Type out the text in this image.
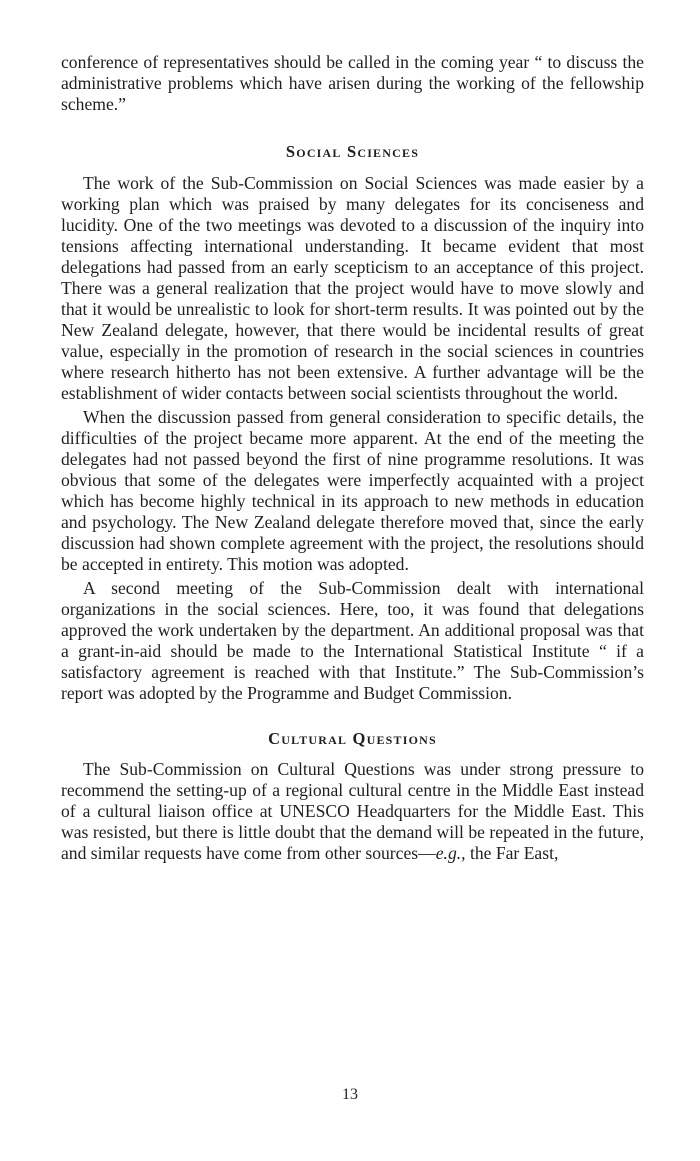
conference of representatives should be called in the coming year “ to discuss the administrative problems which have arisen during the working of the fellowship scheme.”

Social Sciences

The work of the Sub-Commission on Social Sciences was made easier by a working plan which was praised by many delegates for its conciseness and lucidity. One of the two meetings was devoted to a discussion of the inquiry into tensions affecting international understanding. It became evident that most delegations had passed from an early scepticism to an acceptance of this project. There was a general realization that the project would have to move slowly and that it would be unrealistic to look for short-term results. It was pointed out by the New Zealand delegate, however, that there would be incidental results of great value, especially in the promotion of research in the social sciences in countries where research hitherto has not been extensive. A further advantage will be the establishment of wider contacts between social scientists throughout the world.

When the discussion passed from general consideration to specific details, the difficulties of the project became more apparent. At the end of the meeting the delegates had not passed beyond the first of nine programme resolutions. It was obvious that some of the delegates were imperfectly acquainted with a project which has become highly technical in its approach to new methods in education and psychology. The New Zealand delegate therefore moved that, since the early discussion had shown complete agreement with the project, the resolutions should be accepted in entirety. This motion was adopted.

A second meeting of the Sub-Commission dealt with international organizations in the social sciences. Here, too, it was found that delegations approved the work undertaken by the department. An additional proposal was that a grant-in-aid should be made to the International Statistical Institute “ if a satisfactory agreement is reached with that Institute.” The Sub-Commission’s report was adopted by the Programme and Budget Commission.

Cultural Questions

The Sub-Commission on Cultural Questions was under strong pressure to recommend the setting-up of a regional cultural centre in the Middle East instead of a cultural liaison office at UNESCO Headquarters for the Middle East. This was resisted, but there is little doubt that the demand will be repeated in the future, and similar requests have come from other sources—e.g., the Far East,

13
